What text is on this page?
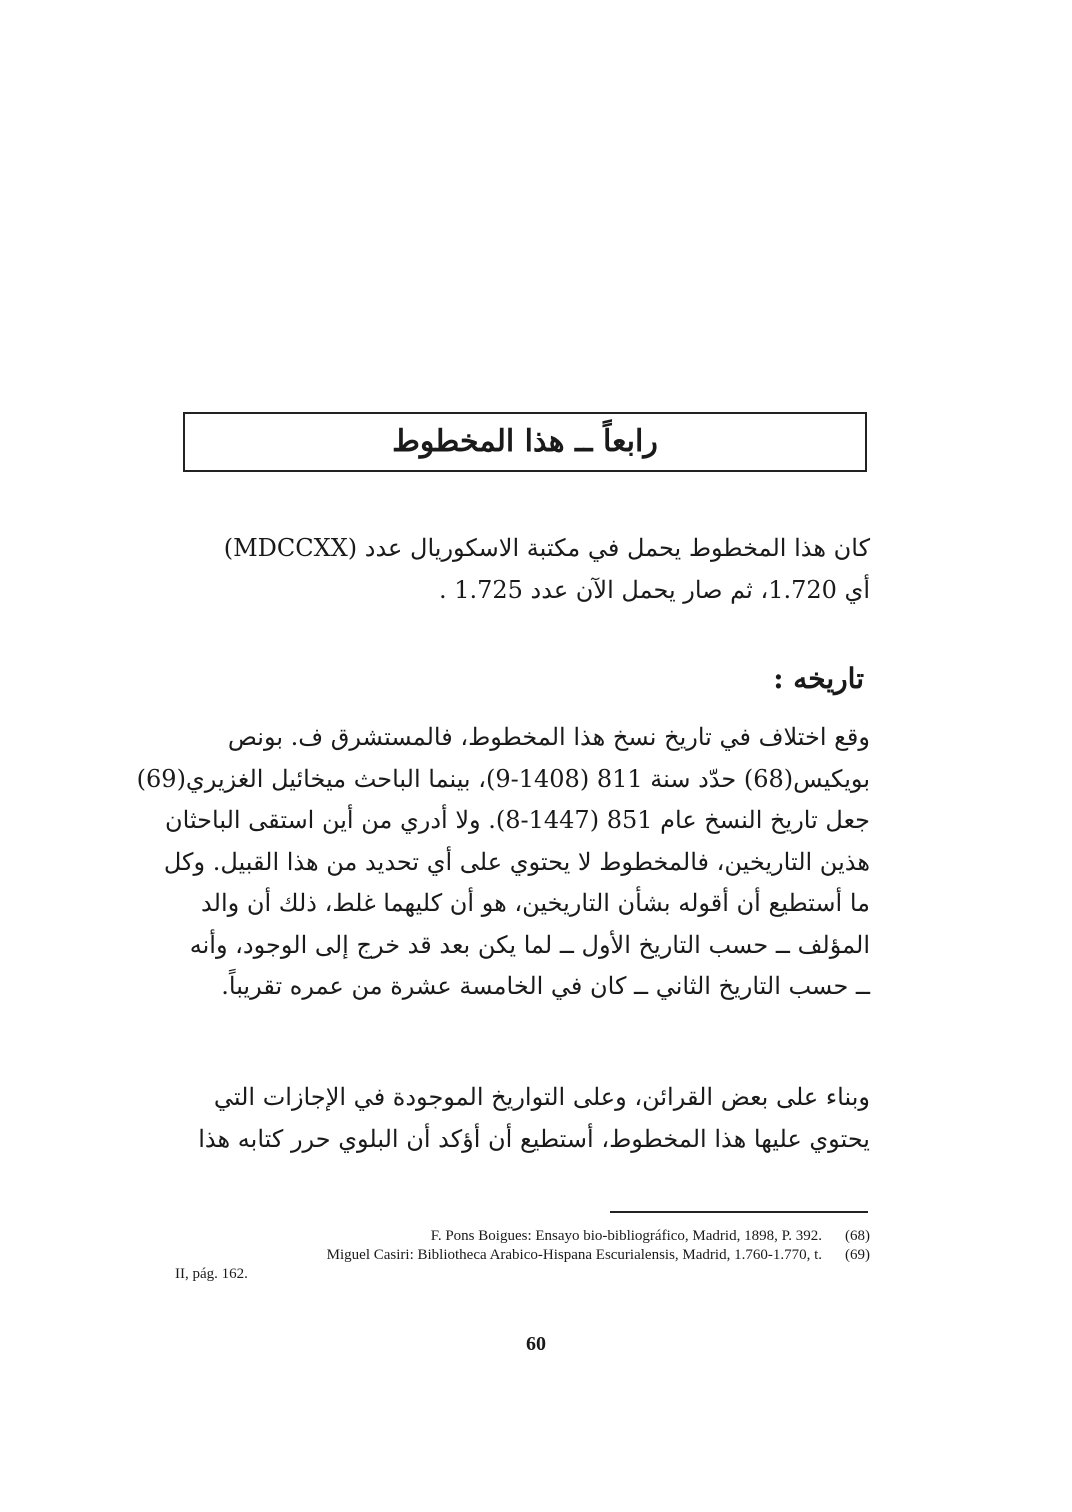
رابعاً ــ هذا المخطوط
كان هذا المخطوط يحمل في مكتبة الاسكوريال عدد (MDCCXX)
أي 1.720، ثم صار يحمل الآن عدد 1.725 .
تاريخه :
وقع اختلاف في تاريخ نسخ هذا المخطوط، فالمستشرق ف. بونص
بويكيس(68) حدّد سنة 811 (1408-9)، بينما الباحث ميخائيل الغزيري(69)
جعل تاريخ النسخ عام 851 (1447-8). ولا أدري من أين استقى الباحثان
هذين التاريخين، فالمخطوط لا يحتوي على أي تحديد من هذا القبيل. وكل
ما أستطيع أن أقوله بشأن التاريخين، هو أن كليهما غلط، ذلك أن والد
المؤلف ــ حسب التاريخ الأول ــ لما يكن بعد قد خرج إلى الوجود، وأنه
ــ حسب التاريخ الثاني ــ كان في الخامسة عشرة من عمره تقريباً.
وبناء على بعض القرائن، وعلى التواريخ الموجودة في الإجازات التي
يحتوي عليها هذا المخطوط، أستطيع أن أؤكد أن البلوي حرر كتابه هذا
F. Pons Boigues: Ensayo bio-bibliográfico, Madrid, 1898, P. 392.	(68)
Miguel Casiri: Bibliotheca Arabico-Hispana Escurialensis, Madrid, 1.760-1.770, t.	(69)
II, pág. 162.
60
